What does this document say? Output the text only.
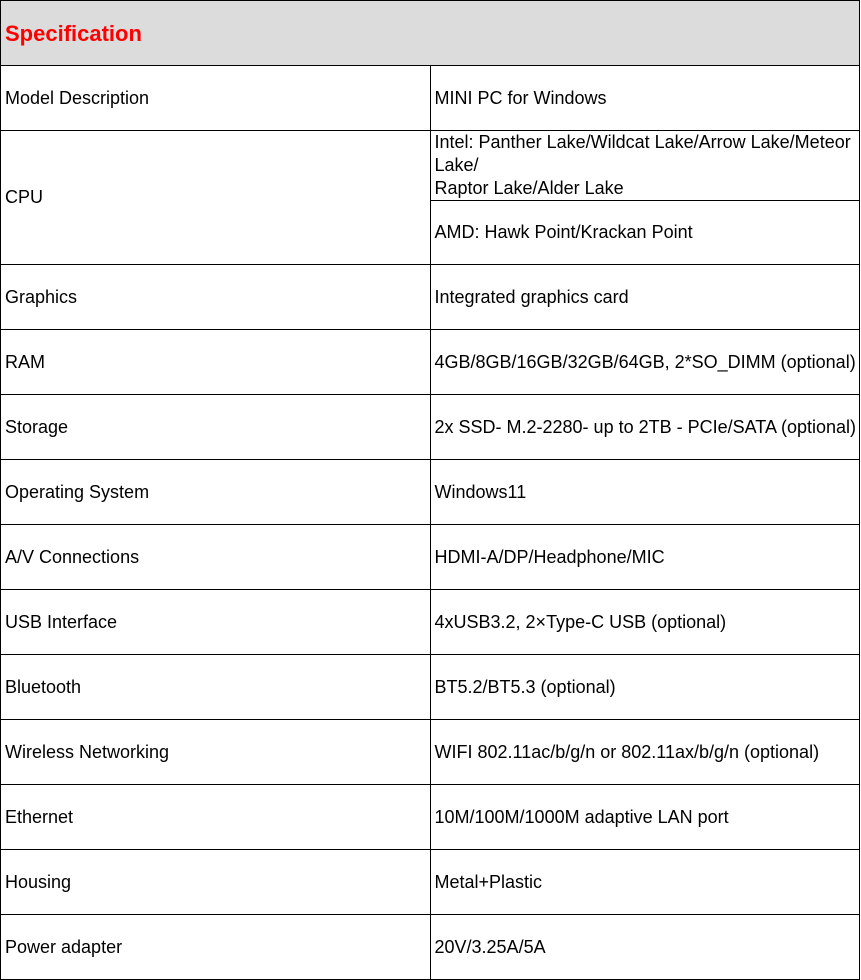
Specification	
Model Description	MINI PC for Windows
CPU	Intel: Panther Lake/Wildcat Lake/Arrow Lake/Meteor Lake/
Raptor Lake/Alder Lake

	AMD: Hawk Point/Krackan Point
Graphics	Integrated graphics card
RAM	4GB/8GB/16GB/32GB/64GB, 2*SO_DIMM (optional)
Storage	2x SSD- M.2-2280- up to 2TB - PCIe/SATA (optional)
Operating System	Windows11
A/V Connections	HDMI-A/DP/Headphone/MIC
USB Interface	4xUSB3.2, 2×Type-C USB (optional)
Bluetooth	BT5.2/BT5.3 (optional)
Wireless Networking	WIFI 802.11ac/b/g/n or 802.11ax/b/g/n (optional)
Ethernet	10M/100M/1000M adaptive LAN port
Housing	Metal+Plastic
Power adapter	20V/3.25A/5A
